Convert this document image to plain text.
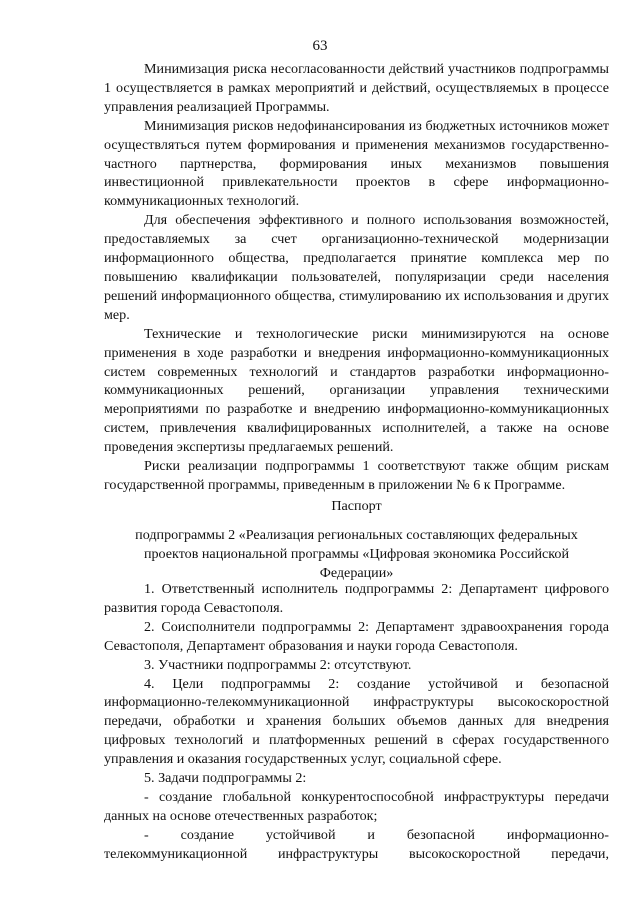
63

Минимизация риска несогласованности действий участников подпрограммы 1 осуществляется в рамках мероприятий и действий, осуществляемых в процессе управления реализацией Программы.

Минимизация рисков недофинансирования из бюджетных источников может осуществляться путем формирования и применения механизмов государственно-частного партнерства, формирования иных механизмов повышения инвестиционной привлекательности проектов в сфере информационно-коммуникационных технологий.

Для обеспечения эффективного и полного использования возможностей, предоставляемых за счет организационно-технической модернизации информационного общества, предполагается принятие комплекса мер по повышению квалификации пользователей, популяризации среди населения решений информационного общества, стимулированию их использования и других мер.

Технические и технологические риски минимизируются на основе применения в ходе разработки и внедрения информационно-коммуникационных систем современных технологий и стандартов разработки информационно-коммуникационных решений, организации управления техническими мероприятиями по разработке и внедрению информационно-коммуникационных систем, привлечения квалифицированных исполнителей, а также на основе проведения экспертизы предлагаемых решений.

Риски реализации подпрограммы 1 соответствуют также общим рискам государственной программы, приведенным в приложении № 6 к Программе.

Паспорт

подпрограммы 2 «Реализация региональных составляющих федеральных проектов национальной программы «Цифровая экономика Российской Федерации»

1. Ответственный исполнитель подпрограммы 2: Департамент цифрового развития города Севастополя.

2. Соисполнители подпрограммы 2: Департамент здравоохранения города Севастополя, Департамент образования и науки города Севастополя.

3. Участники подпрограммы 2: отсутствуют.

4. Цели подпрограммы 2: создание устойчивой и безопасной информационно-телекоммуникационной инфраструктуры высокоскоростной передачи, обработки и хранения больших объемов данных для внедрения цифровых технологий и платформенных решений в сферах государственного управления и оказания государственных услуг, социальной сфере.

5. Задачи подпрограммы 2:

- создание глобальной конкурентоспособной инфраструктуры передачи данных на основе отечественных разработок;

- создание устойчивой и безопасной информационно-телекоммуникационной инфраструктуры высокоскоростной передачи,
